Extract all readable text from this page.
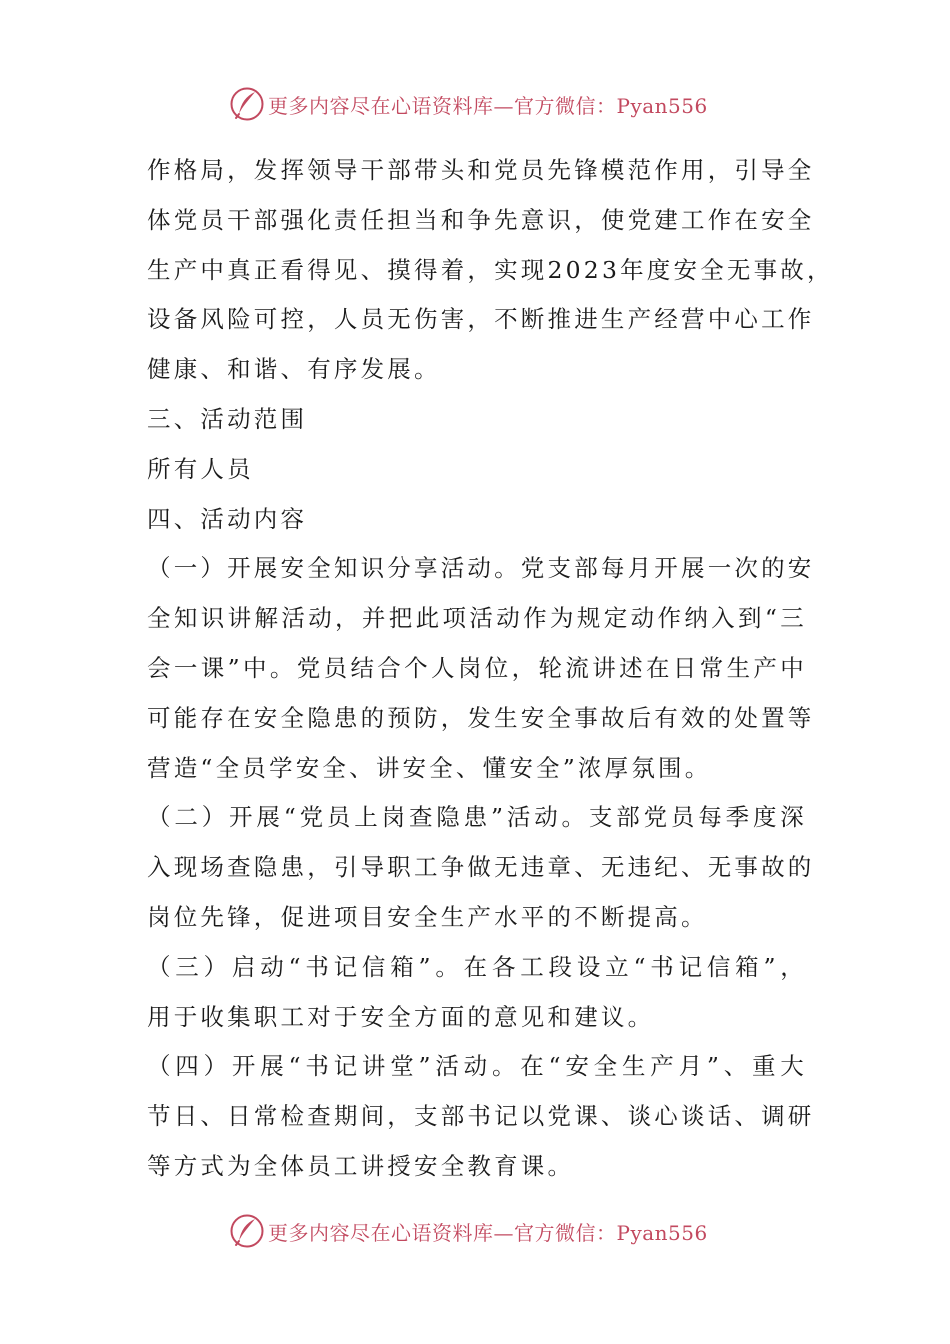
更多内容尽在心语资料库—官方微信：Pyan556

作格局，发挥领导干部带头和党员先锋模范作用，引导全
体党员干部强化责任担当和争先意识，使党建工作在安全
生产中真正看得见、摸得着，实现2023年度安全无事故，
设备风险可控，人员无伤害，不断推进生产经营中心工作
健康、和谐、有序发展。

三、活动范围

所有人员

四、活动内容

（一）开展安全知识分享活动。党支部每月开展一次的安
全知识讲解活动，并把此项活动作为规定动作纳入到“三
会一课”中。党员结合个人岗位，轮流讲述在日常生产中
可能存在安全隐患的预防，发生安全事故后有效的处置等
营造“全员学安全、讲安全、懂安全”浓厚氛围。

（二）开展“党员上岗查隐患”活动。支部党员每季度深
入现场查隐患，引导职工争做无违章、无违纪、无事故的
岗位先锋，促进项目安全生产水平的不断提高。

（三）启动“书记信箱”。在各工段设立“书记信箱”，
用于收集职工对于安全方面的意见和建议。

（四）开展“书记讲堂”活动。在“安全生产月”、重大
节日、日常检查期间，支部书记以党课、谈心谈话、调研
等方式为全体员工讲授安全教育课。

更多内容尽在心语资料库—官方微信：Pyan556
